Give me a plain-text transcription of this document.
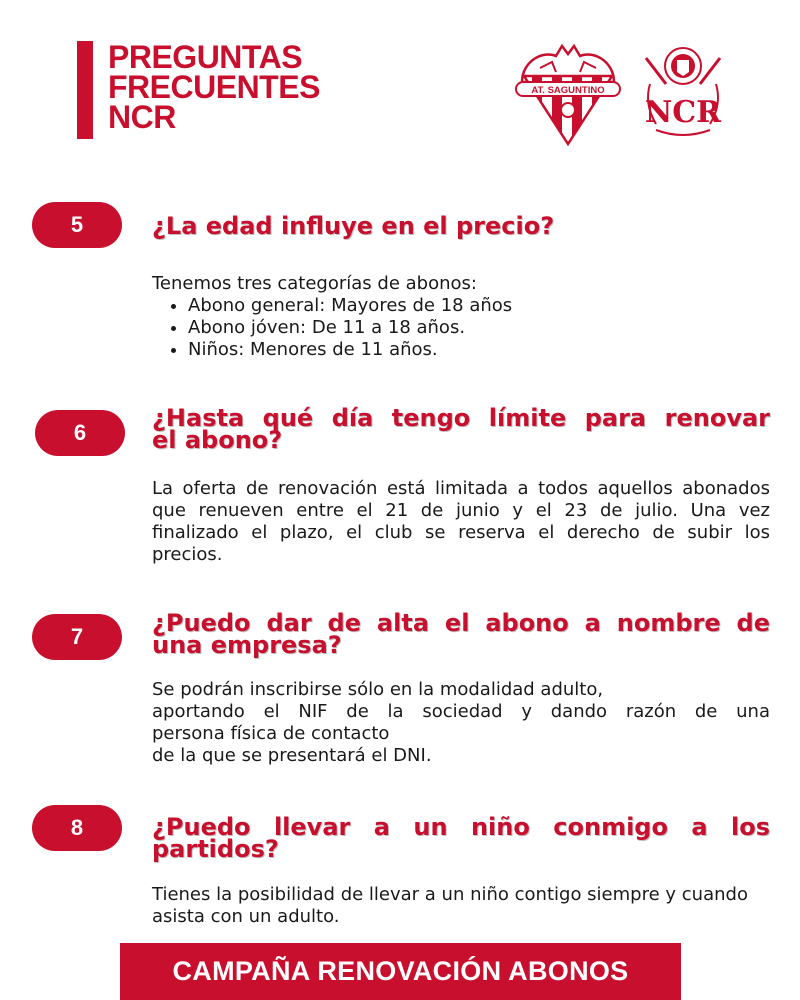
PREGUNTAS
FRECUENTES
NCR
AT. SAGUNTINO
NCR
5	¿La edad influye en el precio?

Tenemos tres categorías de abonos:

• Abono general: Mayores de 18 años
• Abono jóven: De 11 a 18 años.
• Niños: Menores de 11 años.
6
¿Hasta qué día tengo límite para renovar
el abono?

La oferta de renovación está limitada a todos aquellos abonados que renueven entre el 21 de junio y el 23 de julio. Una vez finalizado el plazo, el club se reserva el derecho de subir los precios.

7	¿Puedo dar de alta el abono a nombre de
una empresa?
Se podrán inscribirse sólo en la modalidad adulto,
aportando el NIF de la sociedad y dando razón de una
persona física de contacto
de la que se presentará el DNI.
8	¿Puedo llevar a un niño conmigo a los
partidos?

Tienes la posibilidad de llevar a un niño contigo siempre y cuando asista con un adulto.

CAMPAÑA RENOVACIÓN ABONOS
